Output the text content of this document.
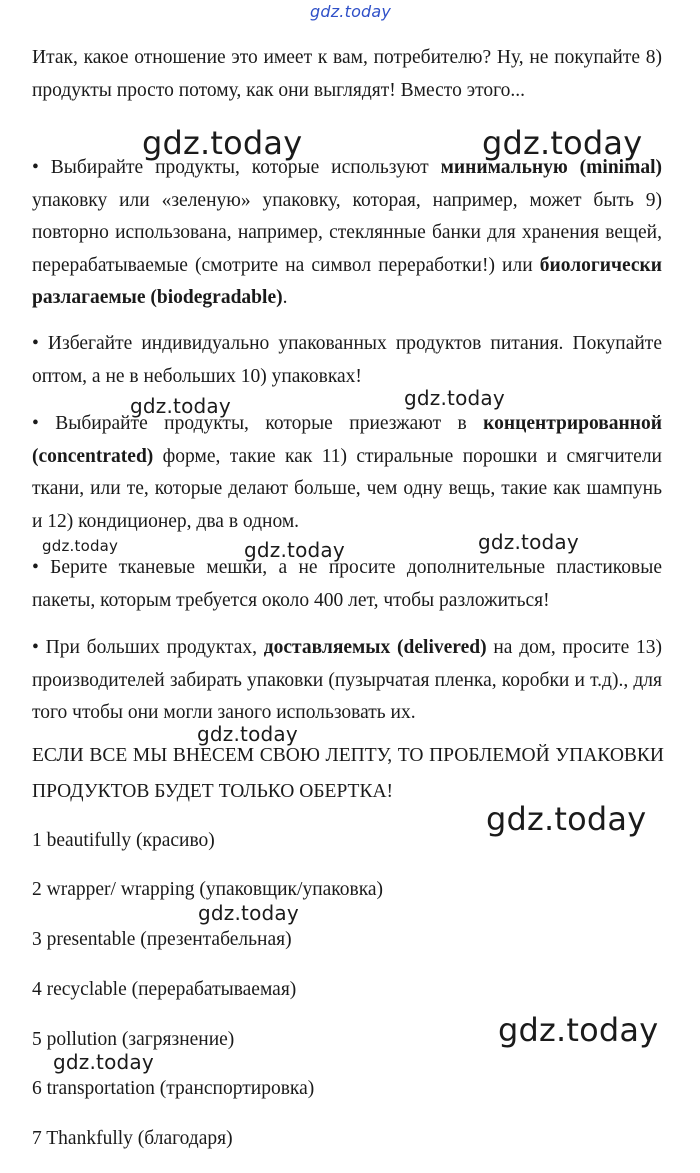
gdz.today

Итак, какое отношение это имеет к вам, потребителю? Ну, не покупайте 8) продукты просто потому, как они выглядят! Вместо этого...

• Выбирайте продукты, которые используют минимальную (minimal) упаковку или «зеленую» упаковку, которая, например, может быть 9) повторно использована, например, стеклянные банки для хранения вещей, перерабатываемые (смотрите на символ переработки!) или биологически разлагаемые (biodegradable).

• Избегайте индивидуально упакованных продуктов питания. Покупайте оптом, а не в небольших 10) упаковках!

• Выбирайте продукты, которые приезжают в концентрированной (concentrated) форме, такие как 11) стиральные порошки и смягчители ткани, или те, которые делают больше, чем одну вещь, такие как шампунь и 12) кондиционер, два в одном.

• Берите тканевые мешки, а не просите дополнительные пластиковые пакеты, которым требуется около 400 лет, чтобы разложиться!

• При больших продуктах, доставляемых (delivered) на дом, просите 13) производителей забирать упаковки (пузырчатая пленка, коробки и т.д)., для того чтобы они могли заного использовать их.

ЕСЛИ ВСЕ МЫ ВНЕСЕМ СВОЮ ЛЕПТУ, ТО ПРОБЛЕМОЙ УПАКОВКИ ПРОДУКТОВ БУДЕТ ТОЛЬКО ОБЕРТКА!

1 beautifully (красиво)
2 wrapper/ wrapping (упаковщик/упаковка)
3 presentable (презентабельная)
4 recyclable (перерабатываемая)
5 pollution (загрязнение)
6 transportation (транспортировка)
7 Thankfully (благодаря)
gdz.today	gdz.today
gdz.today	gdz.today
gdz.today	gdz.today	gdz.today
gdz.today
gdz.today
gdz.today
gdz.today
gdz.today
